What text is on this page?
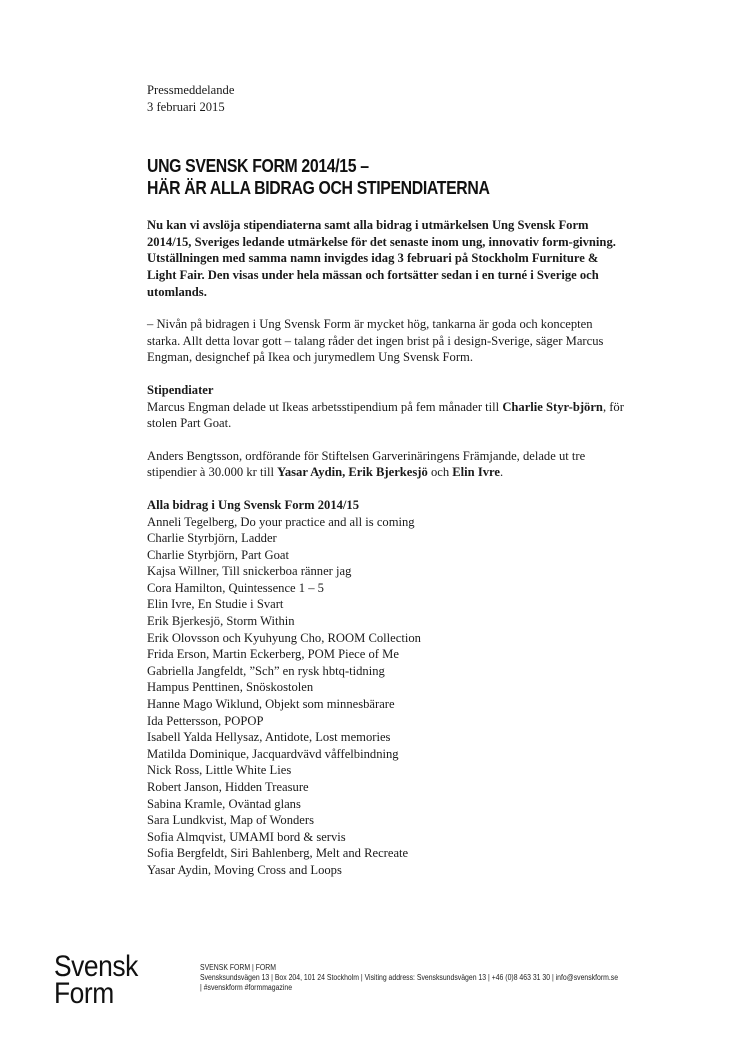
Pressmeddelande
3 februari 2015
UNG SVENSK FORM 2014/15 –
HÄR ÄR ALLA BIDRAG OCH STIPENDIATERNA

Nu kan vi avslöja stipendiaterna samt alla bidrag i utmärkelsen Ung Svensk Form 2014/15, Sveriges ledande utmärkelse för det senaste inom ung, innovativ form-givning. Utställningen med samma namn invigdes idag 3 februari på Stockholm Furniture & Light Fair. Den visas under hela mässan och fortsätter sedan i en turné i Sverige och utomlands.

– Nivån på bidragen i Ung Svensk Form är mycket hög, tankarna är goda och koncepten starka. Allt detta lovar gott – talang råder det ingen brist på i design-Sverige, säger Marcus Engman, designchef på Ikea och jurymedlem Ung Svensk Form.

Stipendiater

Marcus Engman delade ut Ikeas arbetsstipendium på fem månader till Charlie Styr-björn, för stolen Part Goat.

Anders Bengtsson, ordförande för Stiftelsen Garverinäringens Främjande, delade ut tre stipendier à 30.000 kr till Yasar Aydin, Erik Bjerkesjö och Elin Ivre.

Alla bidrag i Ung Svensk Form 2014/15
Anneli Tegelberg, Do your practice and all is coming
Charlie Styrbjörn, Ladder
Charlie Styrbjörn, Part Goat
Kajsa Willner, Till snickerboa ränner jag
Cora Hamilton, Quintessence 1 – 5
Elin Ivre, En Studie i Svart
Erik Bjerkesjö, Storm Within
Erik Olovsson och Kyuhyung Cho, ROOM Collection
Frida Erson, Martin Eckerberg, POM Piece of Me
Gabriella Jangfeldt, ”Sch” en rysk hbtq-tidning
Hampus Penttinen, Snöskostolen
Hanne Mago Wiklund, Objekt som minnesbärare
Ida Pettersson, POPOP
Isabell Yalda Hellysaz, Antidote, Lost memories
Matilda Dominique, Jacquardvävd våffelbindning
Nick Ross, Little White Lies
Robert Janson, Hidden Treasure
Sabina Kramle, Oväntad glans
Sara Lundkvist, Map of Wonders
Sofia Almqvist, UMAMI bord & servis
Sofia Bergfeldt, Siri Bahlenberg, Melt and Recreate
Yasar Aydin, Moving Cross and Loops
Svensk
Form
SVENSK FORM | FORM
Svensksundsvägen 13 | Box 204, 101 24 Stockholm | Visiting address: Svensksundsvägen 13 | +46 (0)8 463 31 30 | info@svenskform.se
| #svenskform #formmagazine
